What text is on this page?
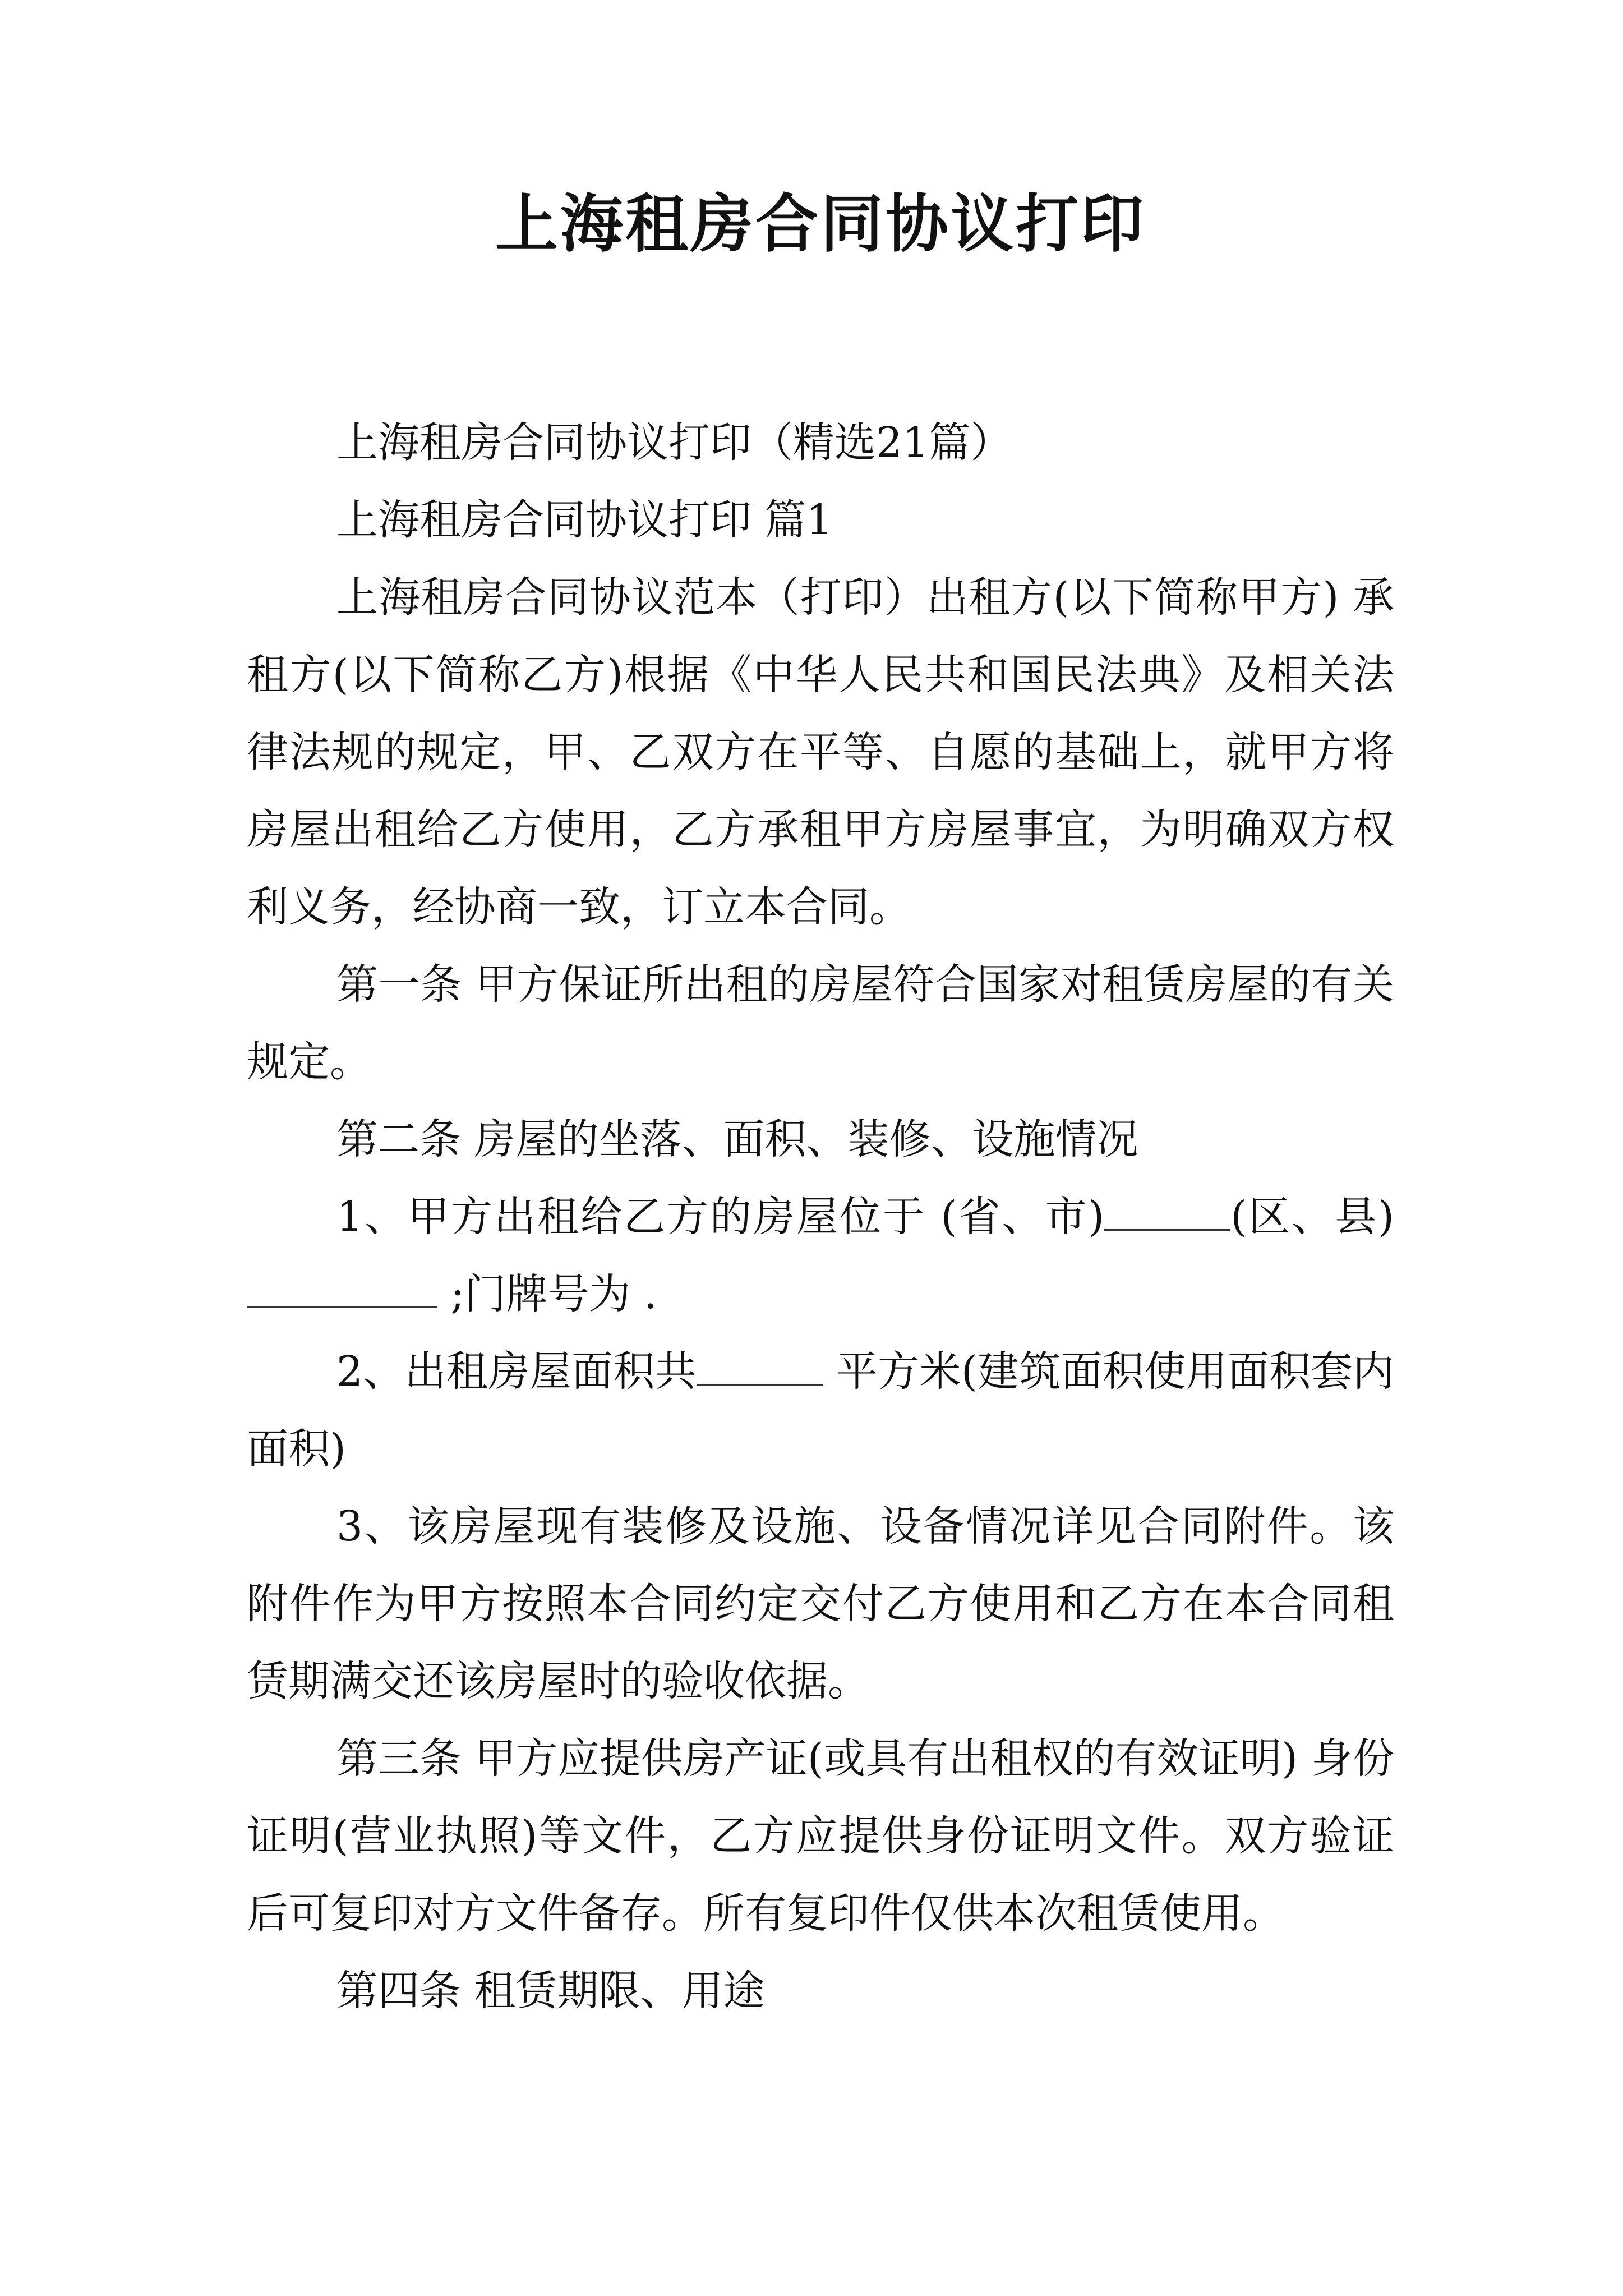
上海租房合同协议打印

上海租房合同协议打印（精选21篇）

上海租房合同协议打印 篇1

上海租房合同协议范本（打印）出租方(以下简称甲方) 承租方(以下简称乙方)根据《中华人民共和国民法典》及相关法律法规的规定，甲、乙双方在平等、自愿的基础上，就甲方将房屋出租给乙方使用，乙方承租甲方房屋事宜，为明确双方权利义务，经协商一致，订立本合同。

第一条 甲方保证所出租的房屋符合国家对租赁房屋的有关规定。

第二条 房屋的坐落、面积、装修、设施情况

1、甲方出租给乙方的房屋位于 (省、市)	(区、县) ;门牌号为 .

2、出租房屋面积共	平方米(建筑面积使用面积套内面积)

3、该房屋现有装修及设施、设备情况详见合同附件。该附件作为甲方按照本合同约定交付乙方使用和乙方在本合同租赁期满交还该房屋时的验收依据。

第三条 甲方应提供房产证(或具有出租权的有效证明) 身份证明(营业执照)等文件，乙方应提供身份证明文件。双方验证后可复印对方文件备存。所有复印件仅供本次租赁使用。

第四条 租赁期限、用途
